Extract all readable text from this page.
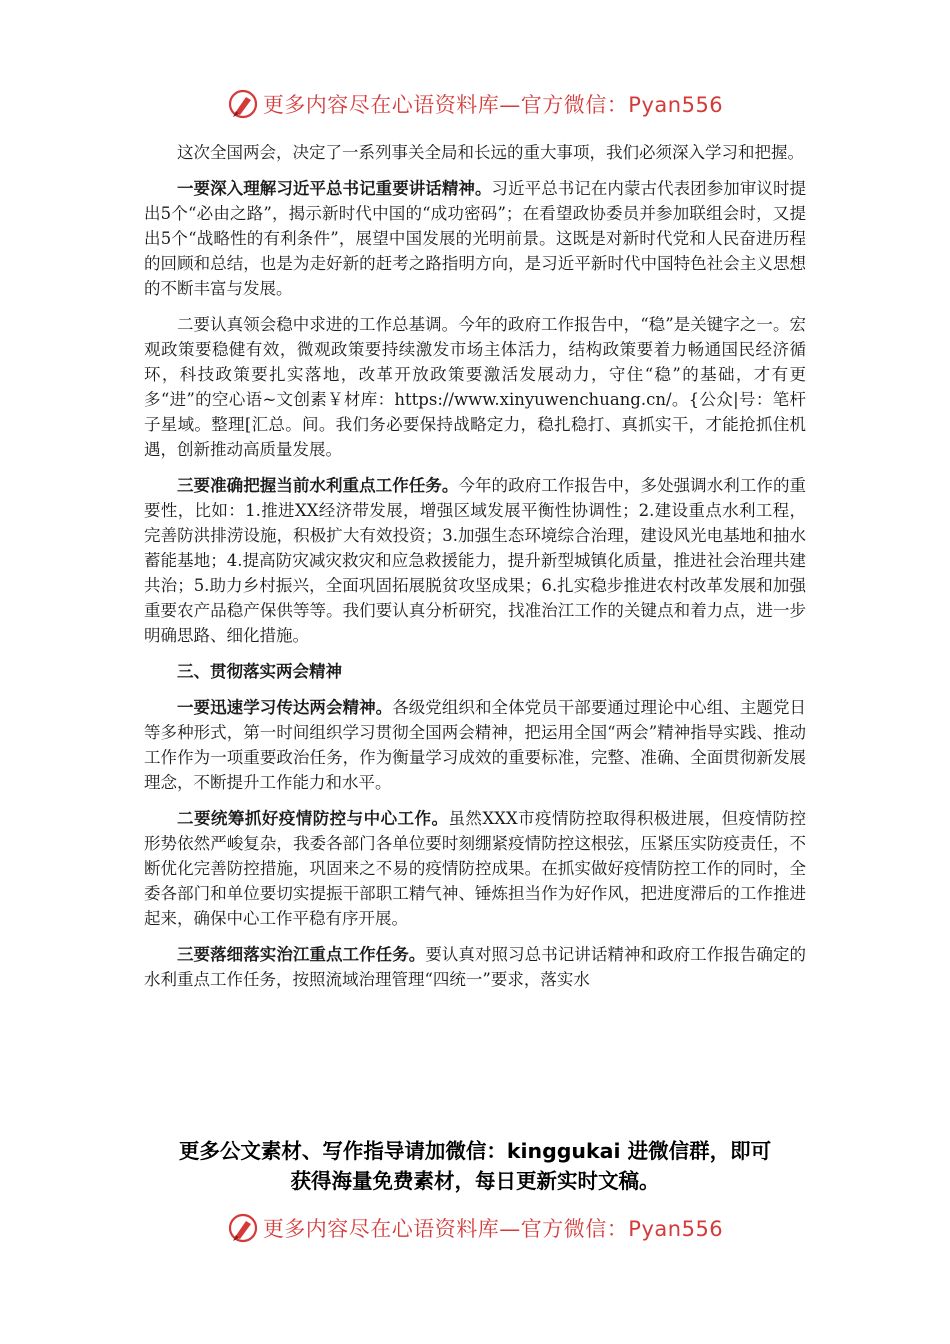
更多内容尽在心语资料库—官方微信：Pyan556

这次全国两会，决定了一系列事关全局和长远的重大事项，我们必须深入学习和把握。

一要深入理解习近平总书记重要讲话精神。习近平总书记在内蒙古代表团参加审议时提出5个“必由之路”，揭示新时代中国的“成功密码”；在看望政协委员并参加联组会时，又提出5个“战略性的有利条件”，展望中国发展的光明前景。这既是对新时代党和人民奋进历程的回顾和总结，也是为走好新的赶考之路指明方向，是习近平新时代中国特色社会主义思想的不断丰富与发展。

二要认真领会稳中求进的工作总基调。今年的政府工作报告中，“稳”是关键字之一。宏观政策要稳健有效，微观政策要持续激发市场主体活力，结构政策要着力畅通国民经济循环，科技政策要扎实落地，改革开放政策要激活发展动力，守住“稳”的基础，才有更多“进”的空心语~文创素￥材库：https://www.xinyuwenchuang.cn/。{公众|号：笔杆子星域。整理[汇总。间。我们务必要保持战略定力，稳扎稳打、真抓实干，才能抢抓住机遇，创新推动高质量发展。

三要准确把握当前水利重点工作任务。今年的政府工作报告中，多处强调水利工作的重要性，比如：1.推进XX经济带发展，增强区域发展平衡性协调性；2.建设重点水利工程，完善防洪排涝设施，积极扩大有效投资；3.加强生态环境综合治理，建设风光电基地和抽水蓄能基地；4.提高防灾减灾救灾和应急救援能力，提升新型城镇化质量，推进社会治理共建共治；5.助力乡村振兴，全面巩固拓展脱贫攻坚成果；6.扎实稳步推进农村改革发展和加强重要农产品稳产保供等等。我们要认真分析研究，找准治江工作的关键点和着力点，进一步明确思路、细化措施。

三、贯彻落实两会精神

一要迅速学习传达两会精神。各级党组织和全体党员干部要通过理论中心组、主题党日等多种形式，第一时间组织学习贯彻全国两会精神，把运用全国“两会”精神指导实践、推动工作作为一项重要政治任务，作为衡量学习成效的重要标准，完整、准确、全面贯彻新发展理念，不断提升工作能力和水平。

二要统筹抓好疫情防控与中心工作。虽然XXX市疫情防控取得积极进展，但疫情防控形势依然严峻复杂，我委各部门各单位要时刻绷紧疫情防控这根弦，压紧压实防疫责任，不断优化完善防控措施，巩固来之不易的疫情防控成果。在抓实做好疫情防控工作的同时，全委各部门和单位要切实提振干部职工精气神、锤炼担当作为好作风，把进度滞后的工作推进起来，确保中心工作平稳有序开展。

三要落细落实治江重点工作任务。要认真对照习总书记讲话精神和政府工作报告确定的水利重点工作任务，按照流域治理管理“四统一”要求，落实水

更多公文素材、写作指导请加微信：kinggukai 进微信群，即可
获得海量免费素材，每日更新实时文稿。
更多内容尽在心语资料库—官方微信：Pyan556
